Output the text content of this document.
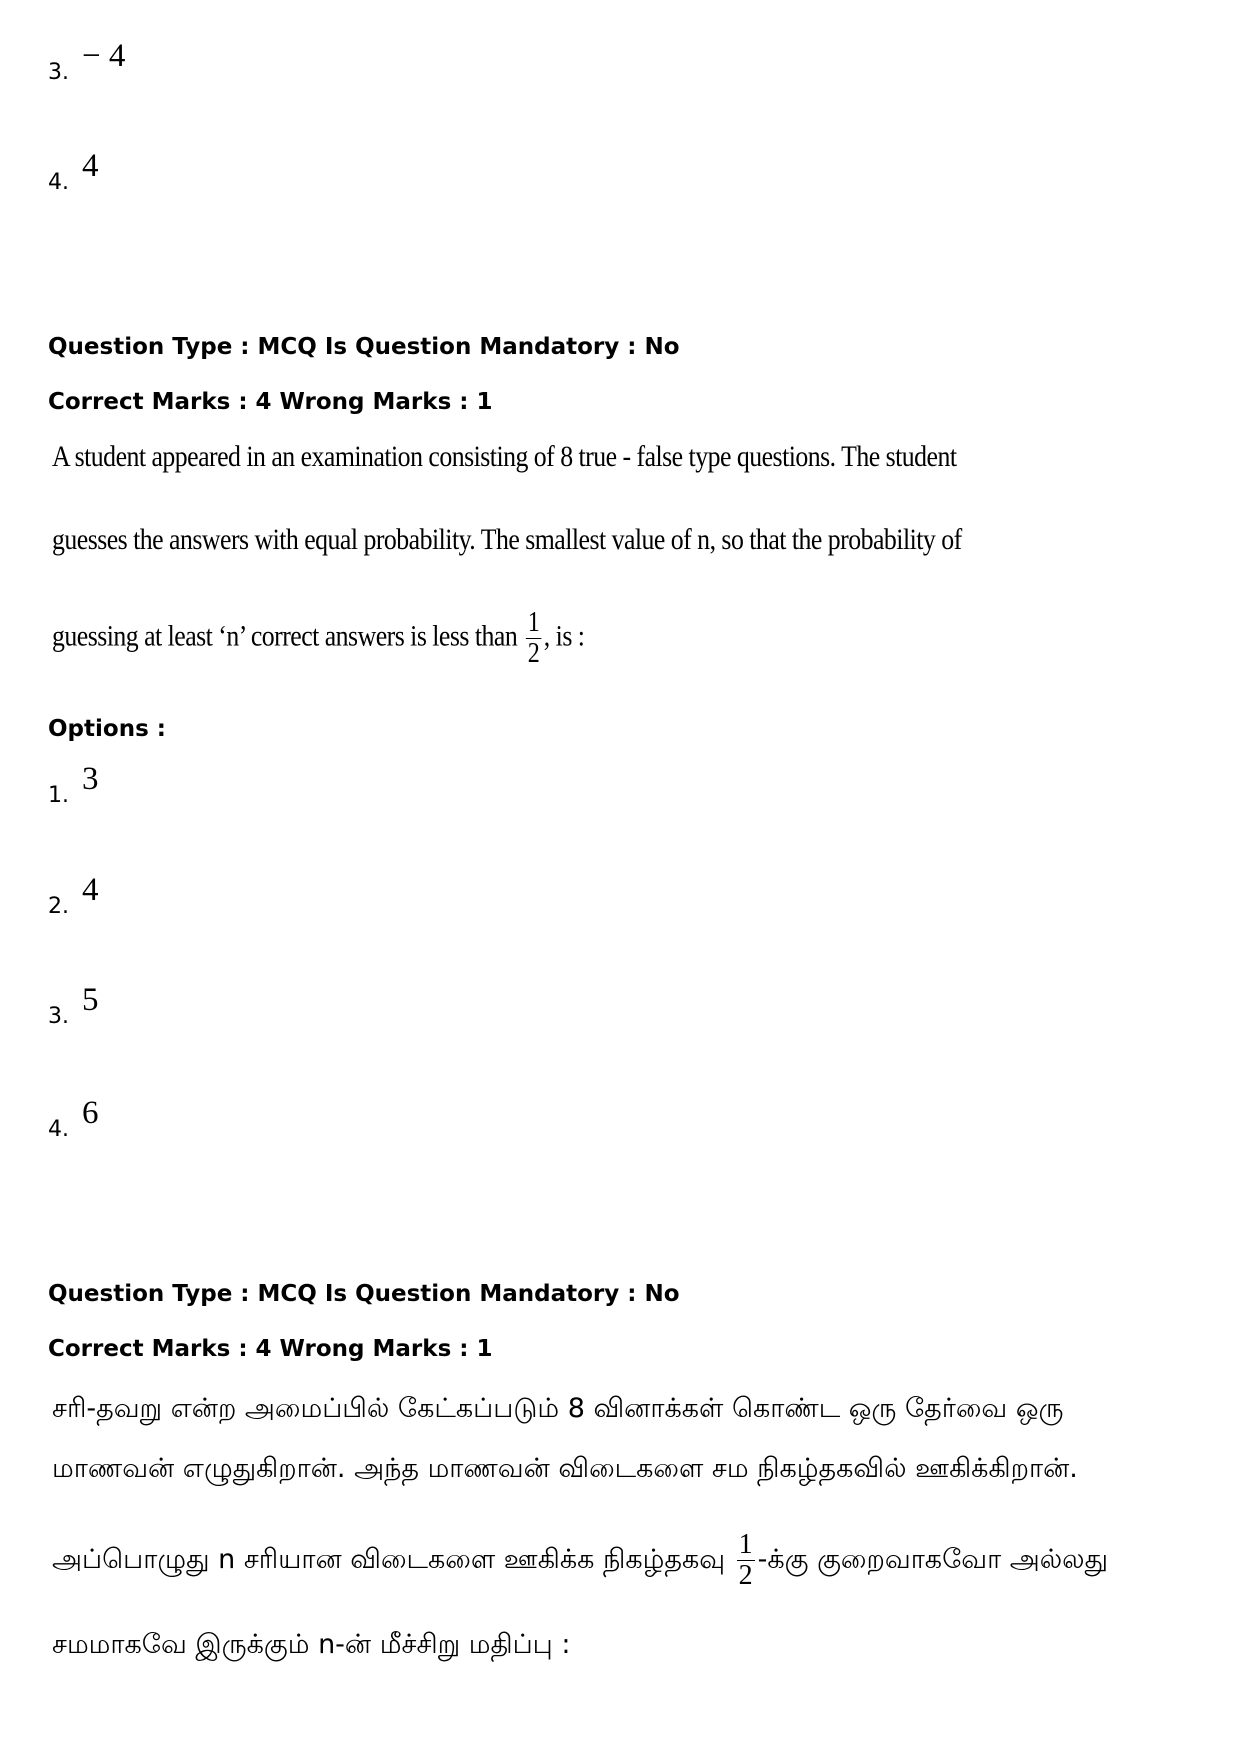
3. − 4
4. 4
Question Type : MCQ Is Question Mandatory : No
Correct Marks : 4 Wrong Marks : 1
A student appeared in an examination consisting of 8 true - false type questions. The student
guesses the answers with equal probability. The smallest value of n, so that the probability of
guessing at least ‘n’ correct answers is less than $\frac{1}{2}$ , is :
Options :
1. 3
2. 4
3. 5
4. 6
Question Type : MCQ Is Question Mandatory : No
Correct Marks : 4 Wrong Marks : 1
சரி-தவறு என்ற அமைப்பில் கேட்கப்படும் 8 வினாக்கள் கொண்ட ஒரு தேர்வை ஒரு
மாணவன் எழுதுகிறான். அந்த மாணவன் விடைகளை சம நிகழ்தகவில் ஊகிக்கிறான்.
அப்பொழுது n சரியான விடைகளை ஊகிக்க நிகழ்தகவு $\frac{1}{2}$ -க்கு குறைவாகவோ அல்லது
சமமாகவே இருக்கும் n-ன் மீச்சிறு மதிப்பு :
